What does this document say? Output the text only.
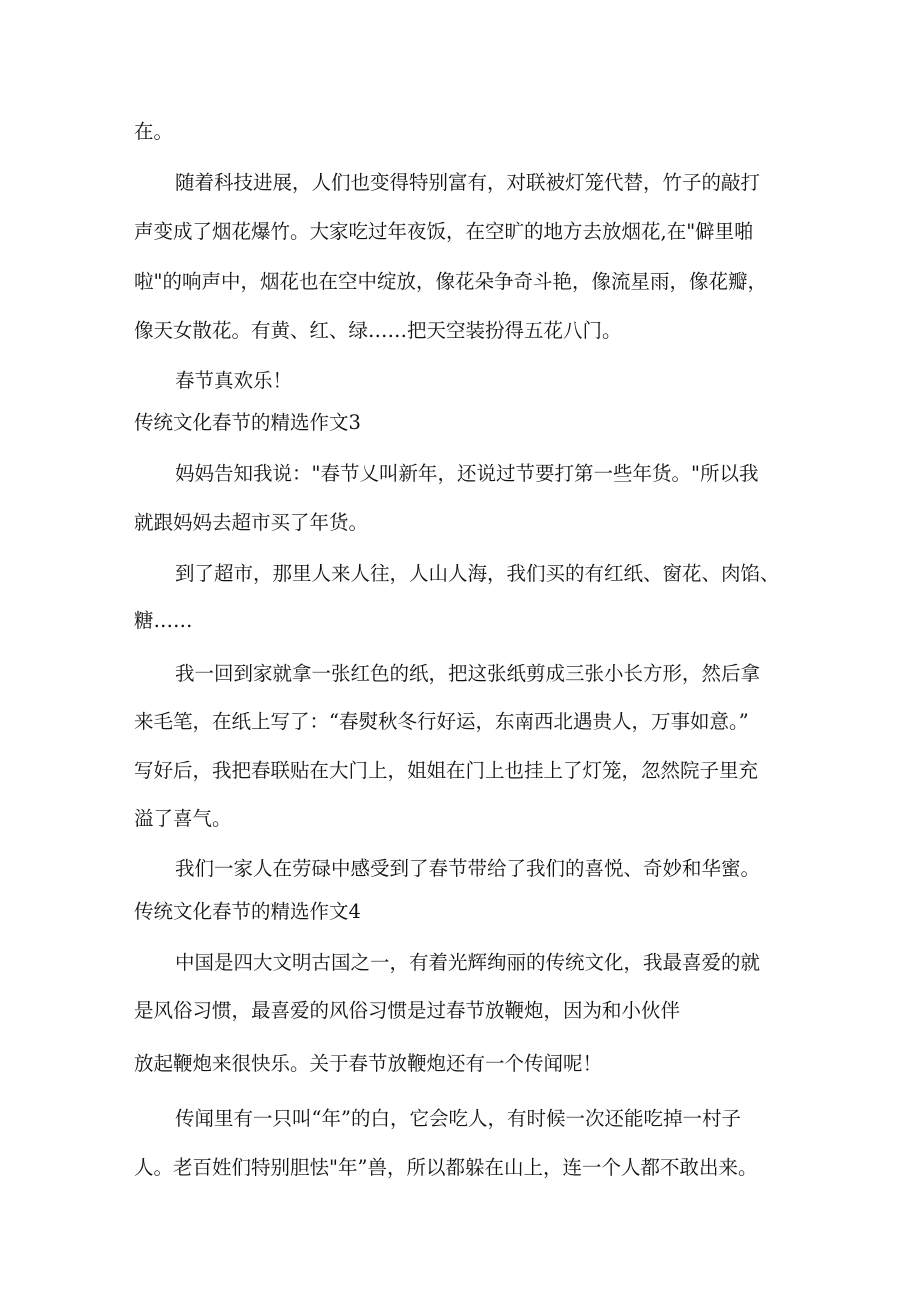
在。
随着科技进展，人们也变得特别富有，对联被灯笼代替，竹子的敲打
声变成了烟花爆竹。大家吃过年夜饭，在空旷的地方去放烟花,在"僻里啪
啦"的响声中，烟花也在空中绽放，像花朵争奇斗艳，像流星雨，像花瓣，
像天女散花。有黄、红、绿……把天空装扮得五花八门。
春节真欢乐！
传统文化春节的精选作文3
妈妈告知我说："春节乂叫新年，还说过节要打第一些年货。"所以我
就跟妈妈去超市买了年货。
到了超市，那里人来人往，人山人海，我们买的有红纸、窗花、肉馅、
糖……
我一回到家就拿一张红色的纸，把这张纸剪成三张小长方形，然后拿
来毛笔，在纸上写了：“春熨秋冬行好运，东南西北遇贵人，万事如意。”
写好后，我把春联贴在大门上，姐姐在门上也挂上了灯笼，忽然院子里充
溢了喜气。
我们一家人在劳碌中感受到了春节带给了我们的喜悦、奇妙和华蜜。
传统文化春节的精选作文4
中国是四大文明古国之一，有着光辉绚丽的传统文化，我最喜爱的就
是风俗习惯，最喜爱的风俗习惯是过春节放鞭炮，因为和小伙伴
放起鞭炮来很快乐。关于春节放鞭炮还有一个传闻呢！
传闻里有一只叫“年”的白，它会吃人，有时候一次还能吃掉一村子
人。老百姓们特别胆怯"年”兽，所以都躲在山上，连一个人都不敢出来。
